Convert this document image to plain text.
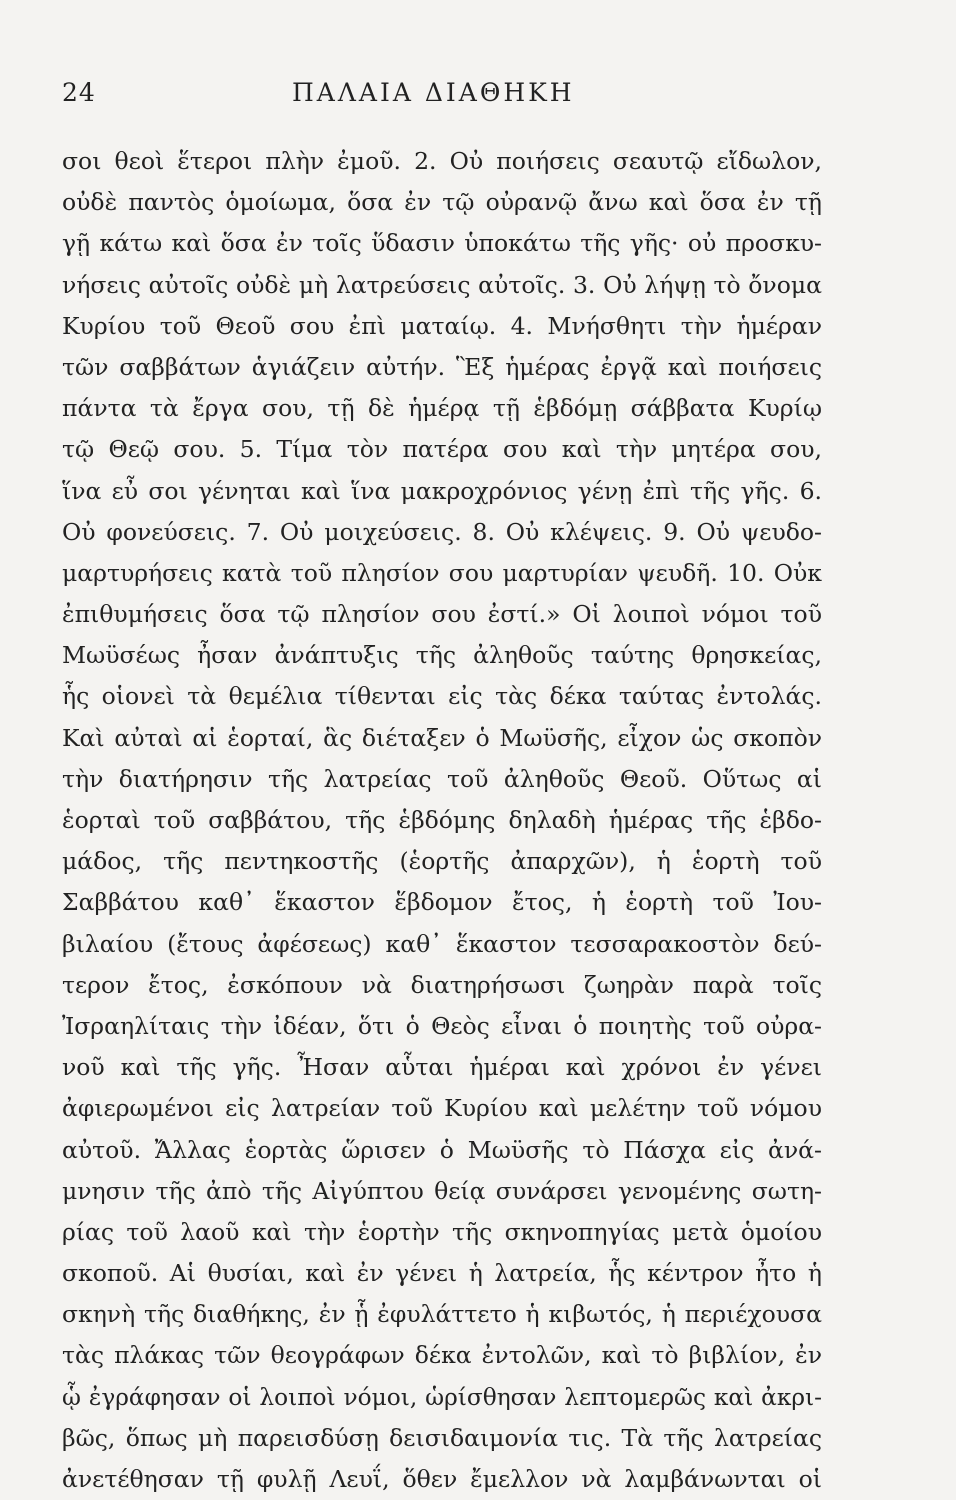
24	ΠΑΛΑΙΑ ΔΙΑΘΗΚΗ
σοι θεοὶ ἕτεροι πλὴν ἐμοῦ. 2. Οὐ ποιήσεις σεαυτῷ εἴδωλον,
οὐδὲ παντὸς ὁμοίωμα, ὅσα ἐν τῷ οὐρανῷ ἄνω καὶ ὅσα ἐν τῇ
γῇ κάτω καὶ ὅσα ἐν τοῖς ὕδασιν ὑποκάτω τῆς γῆς· οὐ προσκυ-
νήσεις αὐτοῖς οὐδὲ μὴ λατρεύσεις αὐτοῖς. 3. Οὐ λήψῃ τὸ ὄνομα
Κυρίου τοῦ Θεοῦ σου ἐπὶ ματαίῳ. 4. Μνήσθητι τὴν ἡμέραν
τῶν σαββάτων ἁγιάζειν αὐτήν. Ἓξ ἡμέρας ἐργᾷ καὶ ποιήσεις
πάντα τὰ ἔργα σου, τῇ δὲ ἡμέρᾳ τῇ ἑβδόμῃ σάββατα Κυρίῳ
τῷ Θεῷ σου. 5. Τίμα τὸν πατέρα σου καὶ τὴν μητέρα σου,
ἵνα εὖ σοι γένηται καὶ ἵνα μακροχρόνιος γένῃ ἐπὶ τῆς γῆς. 6.
Οὐ φονεύσεις. 7. Οὐ μοιχεύσεις. 8. Οὐ κλέψεις. 9. Οὐ ψευδο-
μαρτυρήσεις κατὰ τοῦ πλησίον σου μαρτυρίαν ψευδῆ. 10. Οὐκ
ἐπιθυμήσεις ὅσα τῷ πλησίον σου ἐστί.» Οἱ λοιποὶ νόμοι τοῦ
Μωϋσέως ἦσαν ἀνάπτυξις τῆς ἀληθοῦς ταύτης θρησκείας,
ἧς οἱονεὶ τὰ θεμέλια τίθενται εἰς τὰς δέκα ταύτας ἐντολάς.
Καὶ αὐταὶ αἱ ἑορταί, ἃς διέταξεν ὁ Μωϋσῆς, εἶχον ὡς σκοπὸν
τὴν διατήρησιν τῆς λατρείας τοῦ ἀληθοῦς Θεοῦ. Οὕτως αἱ
ἑορταὶ τοῦ σαββάτου, τῆς ἑβδόμης δηλαδὴ ἡμέρας τῆς ἑβδο-
μάδος, τῆς πεντηκοστῆς (ἑορτῆς ἀπαρχῶν), ἡ ἑορτὴ τοῦ
Σαββάτου καθ᾽ ἕκαστον ἕβδομον ἔτος, ἡ ἑορτὴ τοῦ Ἰου-
βιλαίου (ἔτους ἀφέσεως) καθ᾽ ἕκαστον τεσσαρακοστὸν δεύ-
τερον ἔτος, ἐσκόπουν νὰ διατηρήσωσι ζωηρὰν παρὰ τοῖς
Ἰσραηλίταις τὴν ἰδέαν, ὅτι ὁ Θεὸς εἶναι ὁ ποιητὴς τοῦ οὐρα-
νοῦ καὶ τῆς γῆς. Ἦσαν αὗται ἡμέραι καὶ χρόνοι ἐν γένει
ἀφιερωμένοι εἰς λατρείαν τοῦ Κυρίου καὶ μελέτην τοῦ νόμου
αὐτοῦ. Ἄλλας ἑορτὰς ὥρισεν ὁ Μωϋσῆς τὸ Πάσχα εἰς ἀνά-
μνησιν τῆς ἀπὸ τῆς Αἰγύπτου θείᾳ συνάρσει γενομένης σωτη-
ρίας τοῦ λαοῦ καὶ τὴν ἑορτὴν τῆς σκηνοπηγίας μετὰ ὁμοίου
σκοποῦ. Αἱ θυσίαι, καὶ ἐν γένει ἡ λατρεία, ἧς κέντρον ἦτο ἡ
σκηνὴ τῆς διαθήκης, ἐν ᾗ ἐφυλάττετο ἡ κιβωτός, ἡ περιέχουσα
τὰς πλάκας τῶν θεογράφων δέκα ἐντολῶν, καὶ τὸ βιβλίον, ἐν
ᾧ ἐγράφησαν οἱ λοιποὶ νόμοι, ὡρίσθησαν λεπτομερῶς καὶ ἀκρι-
βῶς, ὅπως μὴ παρεισδύσῃ δεισιδαιμονία τις. Τὰ τῆς λατρείας
ἀνετέθησαν τῇ φυλῇ Λευΐ, ὅθεν ἔμελλον νὰ λαμβάνωνται οἱ
